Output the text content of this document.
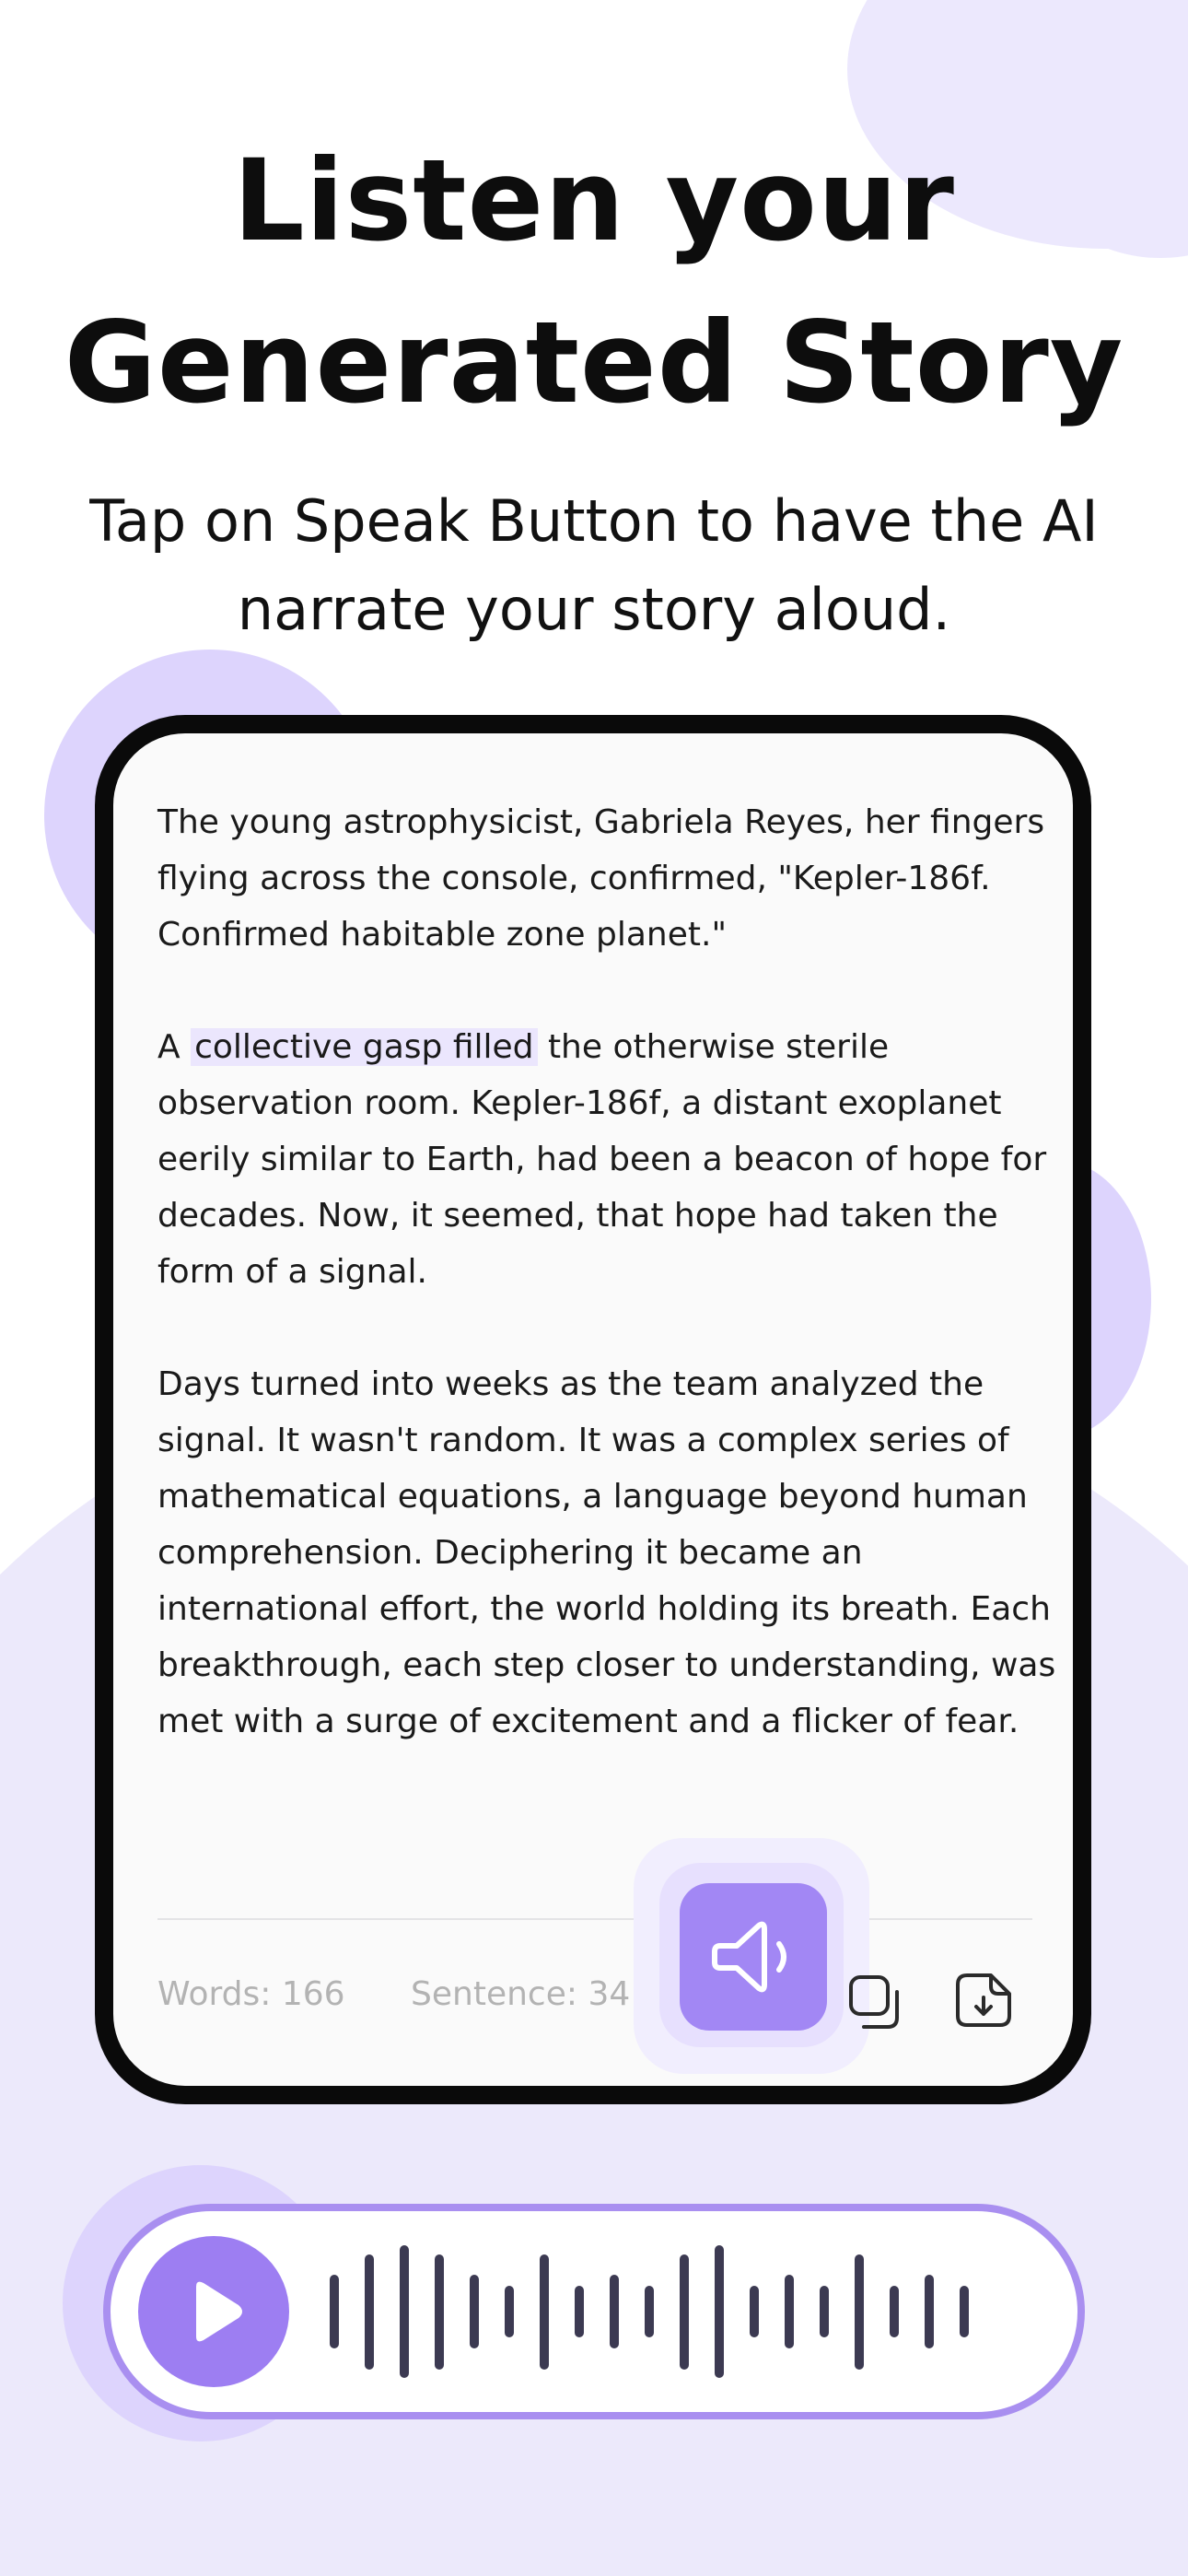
Listen your
Generated Story
Tap on Speak Button to have the AI
narrate your story aloud.

The young astrophysicist, Gabriela Reyes, her fingers flying across the console, confirmed, "Kepler-186f. Confirmed habitable zone planet."

A collective gasp filled the otherwise sterile observation room. Kepler-186f, a distant exoplanet eerily similar to Earth, had been a beacon of hope for decades. Now, it seemed, that hope had taken the form of a signal.

Days turned into weeks as the team analyzed the signal. It wasn't random. It was a complex series of mathematical equations, a language beyond human comprehension. Deciphering it became an international effort, the world holding its breath. Each breakthrough, each step closer to understanding, was met with a surge of excitement and a flicker of fear.

Words: 166 Sentence: 34
